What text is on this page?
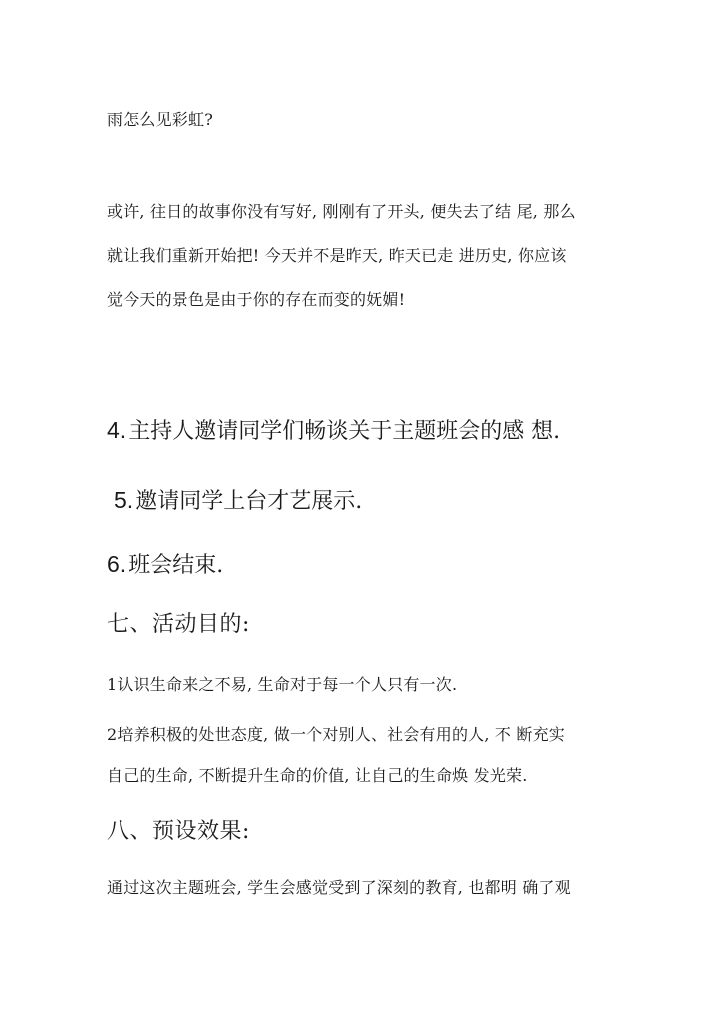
雨怎么见彩虹?
或许, 往日的故事你没有写好, 刚刚有了开头, 便失去了结 尾, 那么
就让我们重新开始把! 今天并不是昨天, 昨天已走 进历史, 你应该
觉今天的景色是由于你的存在而变的妩媚!
4.主持人邀请同学们畅谈关于主题班会的感 想.
5.邀请同学上台才艺展示.
6.班会结束.
七、活动目的:
1认识生命来之不易, 生命对于每一个人只有一次.
2培养积极的处世态度, 做一个对别人、社会有用的人, 不 断充实
自己的生命, 不断提升生命的价值, 让自己的生命焕 发光荣.
八、预设效果:
通过这次主题班会, 学生会感觉受到了深刻的教育, 也都明 确了观
